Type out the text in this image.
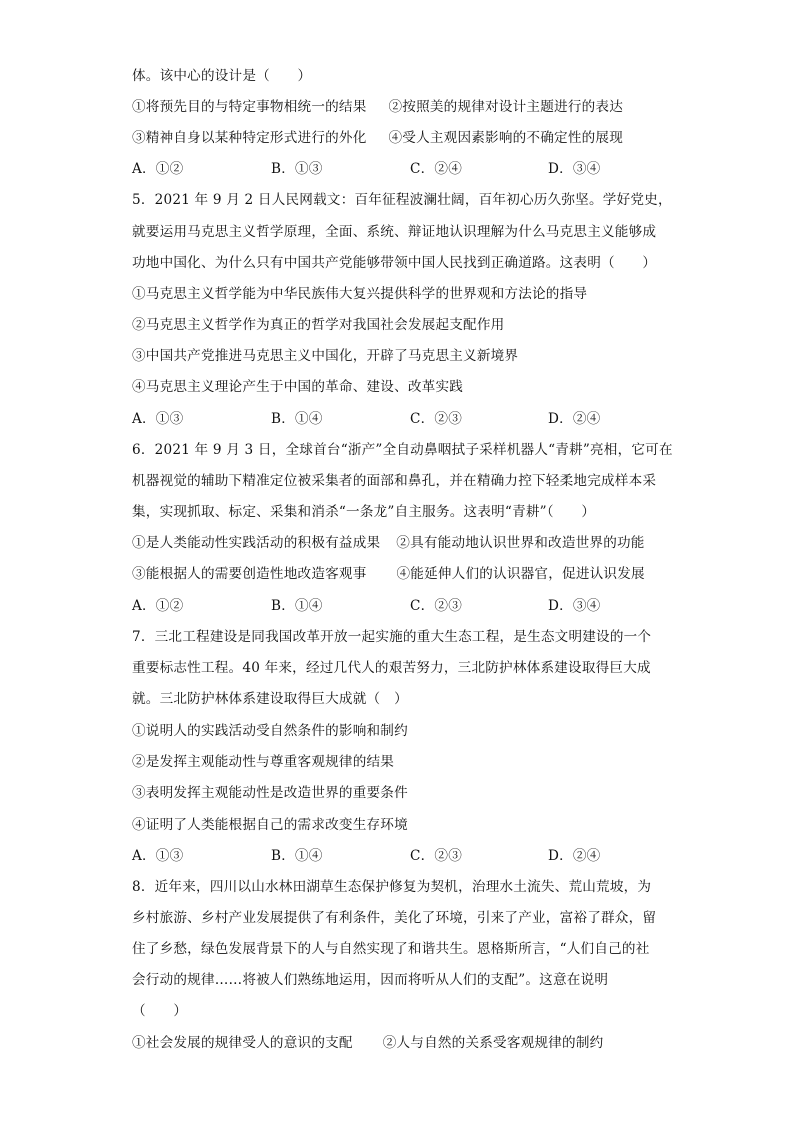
体。该中心的设计是（　　）
①将预先目的与特定事物相统一的结果 ②按照美的规律对设计主题进行的表达
③精神自身以某种特定形式进行的外化 ④受人主观因素影响的不确定性的展现
A．①②	B．①③	C．②④	D．③④
5．2021 年 9 月 2 日人民网载文：百年征程波澜壮阔，百年初心历久弥坚。学好党史，
就要运用马克思主义哲学原理，全面、系统、辩证地认识理解为什么马克思主义能够成
功地中国化、为什么只有中国共产党能够带领中国人民找到正确道路。这表明（　　）
①马克思主义哲学能为中华民族伟大复兴提供科学的世界观和方法论的指导
②马克思主义哲学作为真正的哲学对我国社会发展起支配作用
③中国共产党推进马克思主义中国化，开辟了马克思主义新境界
④马克思主义理论产生于中国的革命、建设、改革实践
A．①③	B．①④	C．②③	D．②④
6．2021 年 9 月 3 日，全球首台“浙产”全自动鼻咽拭子采样机器人“青耕”亮相，它可在
机器视觉的辅助下精准定位被采集者的面部和鼻孔，并在精确力控下轻柔地完成样本采
集，实现抓取、标定、采集和消杀“一条龙”自主服务。这表明“青耕”（　　）
①是人类能动性实践活动的积极有益成果 ②具有能动地认识世界和改造世界的功能
③能根据人的需要创造性地改造客观事 ④能延伸人们的认识器官，促进认识发展
A．①②	B．①④	C．②③	D．③④
7．三北工程建设是同我国改革开放一起实施的重大生态工程，是生态文明建设的一个
重要标志性工程。40 年来，经过几代人的艰苦努力，三北防护林体系建设取得巨大成
就。三北防护林体系建设取得巨大成就（　）
①说明人的实践活动受自然条件的影响和制约
②是发挥主观能动性与尊重客观规律的结果
③表明发挥主观能动性是改造世界的重要条件
④证明了人类能根据自己的需求改变生存环境
A．①③	B．①④	C．②③	D．②④
8．近年来，四川以山水林田湖草生态保护修复为契机，治理水土流失、荒山荒坡，为
乡村旅游、乡村产业发展提供了有利条件，美化了环境，引来了产业，富裕了群众，留
住了乡愁，绿色发展背景下的人与自然实现了和谐共生。恩格斯所言，“人们自己的社
会行动的规律……将被人们熟练地运用，因而将听从人们的支配”。这意在说明
（　　）
①社会发展的规律受人的意识的支配 ②人与自然的关系受客观规律的制约
